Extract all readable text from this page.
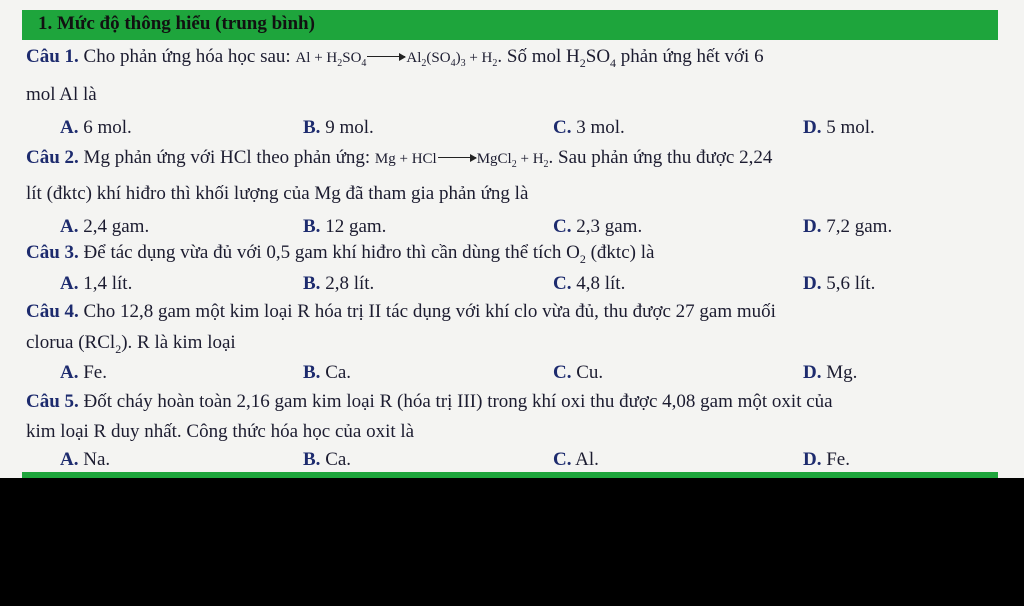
1. Mức độ thông hiểu (trung bình)
Câu 1. Cho phản ứng hóa học sau: $Al + H_2SO_4 \to Al_2(SO_4)_3 + H_2$. Số mol $H_2SO_4$ phản ứng hết với 6
mol Al là
A. 6 mol.	B. 9 mol.	C. 3 mol.	D. 5 mol.
Câu 2. Mg phản ứng với HCl theo phản ứng: Mg + HCl→MgCl$_2$ + $H_2$. Sau phản ứng thu được 2,24
lít (đktc) khí hiđro thì khối lượng của Mg đã tham gia phản ứng là
A. 2,4 gam.	B. 12 gam.	C. 2,3 gam.	D. 7,2 gam.
Câu 3. Để tác dụng vừa đủ với 0,5 gam khí hiđro thì cần dùng thể tích $O_2$ (đktc) là
A. 1,4 lít.	B. 2,8 lít.	C. 4,8 lít.	D. 5,6 lít.
Câu 4. Cho 12,8 gam một kim loại R hóa trị II tác dụng với khí clo vừa đủ, thu được 27 gam muối
clorua (RCl$_2$). R là kim loại
A. Fe.	B. Ca.	C. Cu.	D. Mg.
Câu 5. Đốt cháy hoàn toàn 2,16 gam kim loại R (hóa trị III) trong khí oxi thu được 4,08 gam một oxit của
kim loại R duy nhất. Công thức hóa học của oxit là
A. Na.	B. Ca.	C. Al.	D. Fe.
